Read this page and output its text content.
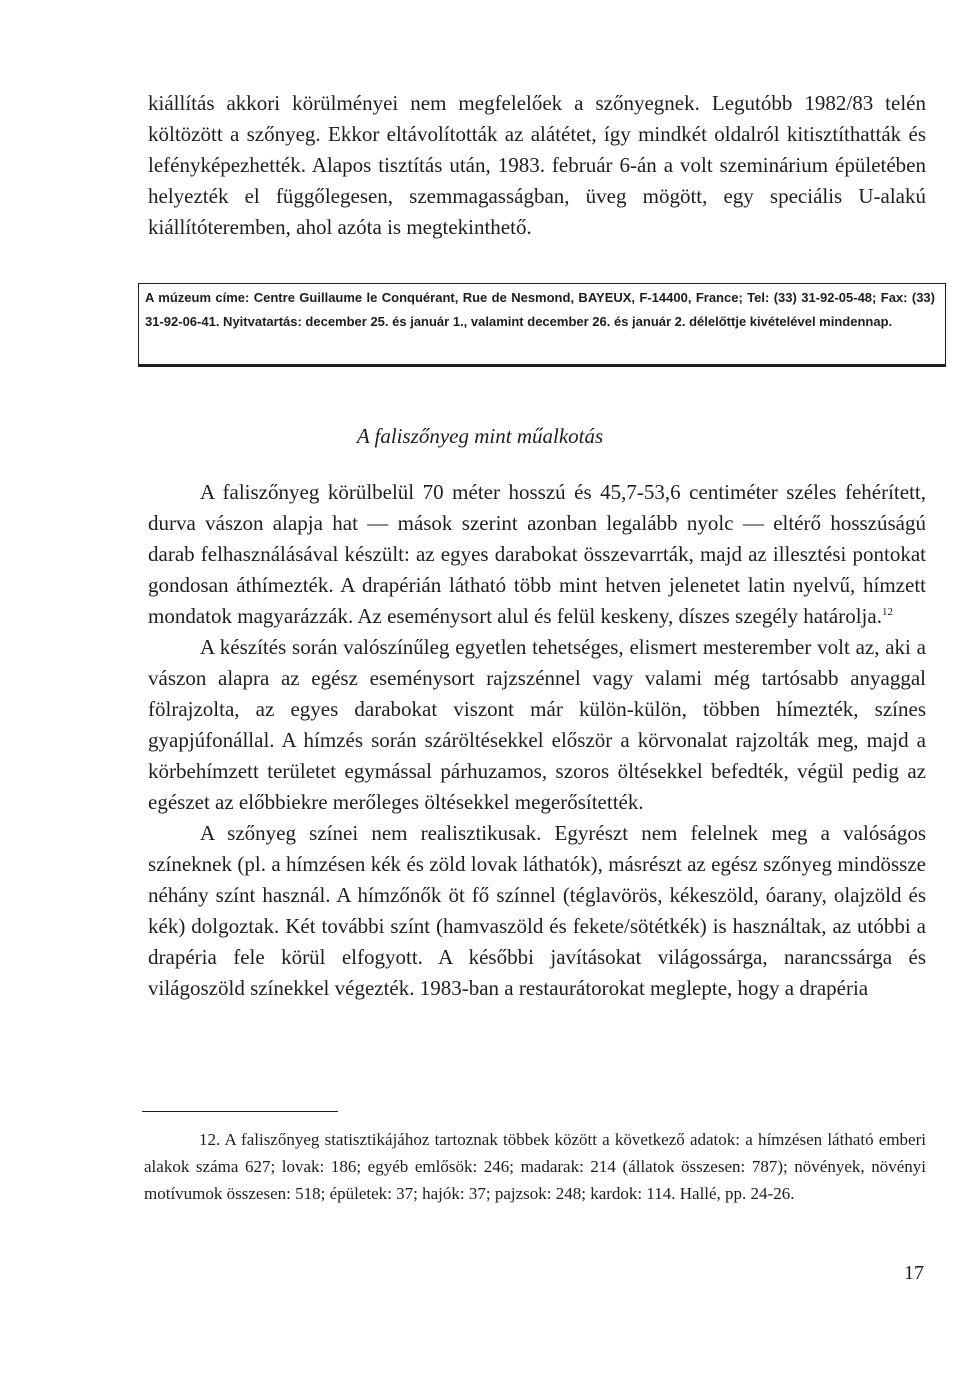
kiállítás akkori körülményei nem megfelelőek a szőnyegnek. Legutóbb 1982/83 telén költözött a szőnyeg. Ekkor eltávolították az alátétet, így mindkét oldalról kitisztíthatták és lefényképezhették. Alapos tisztítás után, 1983. február 6-án a volt szeminárium épületében helyezték el függőlegesen, szemmagasságban, üveg mögött, egy speciális U-alakú kiállítóteremben, ahol azóta is megtekinthető.

A múzeum címe: Centre Guillaume le Conquérant, Rue de Nesmond, BAYEUX, F-14400, France; Tel: (33) 31-92-05-48; Fax: (33) 31-92-06-41. Nyitvatartás: december 25. és január 1., valamint december 26. és január 2. délelőttje kivételével mindennap.
A faliszőnyeg mint műalkotás

A faliszőnyeg körülbelül 70 méter hosszú és 45,7-53,6 centiméter széles fehérített, durva vászon alapja hat — mások szerint azonban legalább nyolc — eltérő hosszúságú darab felhasználásával készült: az egyes darabokat összevarrták, majd az illesztési pontokat gondosan áthímezték. A drapérián látható több mint hetven jelenetet latin nyelvű, hímzett mondatok magyarázzák. Az eseménysort alul és felül keskeny, díszes szegély határolja.$^{12}$

A készítés során valószínűleg egyetlen tehetséges, elismert mesterember volt az, aki a vászon alapra az egész eseménysort rajzszénnel vagy valami még tartósabb anyaggal fölrajzolta, az egyes darabokat viszont már külön-külön, többen hímezték, színes gyapjúfonállal. A hímzés során száröltésekkel először a körvonalat rajzolták meg, majd a körbehímzett területet egymással párhuzamos, szoros öltésekkel befedték, végül pedig az egészet az előbbiekre merőleges öltésekkel megerősítették.

A szőnyeg színei nem realisztikusak. Egyrészt nem felelnek meg a valóságos színeknek (pl. a hímzésen kék és zöld lovak láthatók), másrészt az egész szőnyeg mindössze néhány színt használ. A hímzőnők öt fő színnel (téglavörös, kékeszöld, óarany, olajzöld és kék) dolgoztak. Két további színt (hamvaszöld és fekete/sötétkék) is használtak, az utóbbi a drapéria fele körül elfogyott. A későbbi javításokat világossárga, narancssárga és világoszöld színekkel végezték. 1983-ban a restaurátorokat meglepte, hogy a drapéria

12. A faliszőnyeg statisztikájához tartoznak többek között a következő adatok: a hímzésen látható emberi alakok száma 627; lovak: 186; egyéb emlősök: 246; madarak: 214 (állatok összesen: 787); növények, növényi motívumok összesen: 518; épületek: 37; hajók: 37; pajzsok: 248; kardok: 114. Hallé, pp. 24-26.

17
